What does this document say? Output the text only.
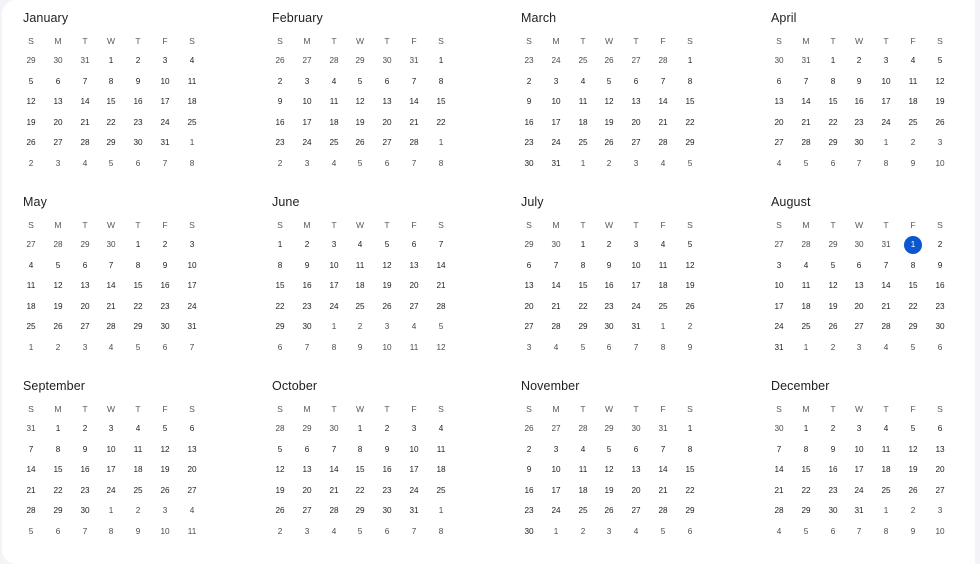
January
S	M	T	W	T	F	S
29	30	31	1	2	3	4
5	6	7	8	9	10	11
12	13	14	15	16	17	18
19	20	21	22	23	24	25
26	27	28	29	30	31	1
2	3	4	5	6	7	8
February
S	M	T	W	T	F	S
26	27	28	29	30	31	1
2	3	4	5	6	7	8
9	10	11	12	13	14	15
16	17	18	19	20	21	22
23	24	25	26	27	28	1
2	3	4	5	6	7	8
March
S	M	T	W	T	F	S
23	24	25	26	27	28	1
2	3	4	5	6	7	8
9	10	11	12	13	14	15
16	17	18	19	20	21	22
23	24	25	26	27	28	29
30	31	1	2	3	4	5
April
S	M	T	W	T	F	S
30	31	1	2	3	4	5
6	7	8	9	10	11	12
13	14	15	16	17	18	19
20	21	22	23	24	25	26
27	28	29	30	1	2	3
4	5	6	7	8	9	10
May
S	M	T	W	T	F	S
27	28	29	30	1	2	3
4	5	6	7	8	9	10
11	12	13	14	15	16	17
18	19	20	21	22	23	24
25	26	27	28	29	30	31
1	2	3	4	5	6	7
June
S	M	T	W	T	F	S
1	2	3	4	5	6	7
8	9	10	11	12	13	14
15	16	17	18	19	20	21
22	23	24	25	26	27	28
29	30	1	2	3	4	5
6	7	8	9	10	11	12
July
S	M	T	W	T	F	S
29	30	1	2	3	4	5
6	7	8	9	10	11	12
13	14	15	16	17	18	19
20	21	22	23	24	25	26
27	28	29	30	31	1	2
3	4	5	6	7	8	9
August
S	M	T	W	T	F	S
27	28	29	30	31	1	2
3	4	5	6	7	8	9
10	11	12	13	14	15	16
17	18	19	20	21	22	23
24	25	26	27	28	29	30
31	1	2	3	4	5	6
September
S	M	T	W	T	F	S
31	1	2	3	4	5	6
7	8	9	10	11	12	13
14	15	16	17	18	19	20
21	22	23	24	25	26	27
28	29	30	1	2	3	4
5	6	7	8	9	10	11
October
S	M	T	W	T	F	S
28	29	30	1	2	3	4
5	6	7	8	9	10	11
12	13	14	15	16	17	18
19	20	21	22	23	24	25
26	27	28	29	30	31	1
2	3	4	5	6	7	8
November
S	M	T	W	T	F	S
26	27	28	29	30	31	1
2	3	4	5	6	7	8
9	10	11	12	13	14	15
16	17	18	19	20	21	22
23	24	25	26	27	28	29
30	1	2	3	4	5	6
December
S	M	T	W	T	F	S
30	1	2	3	4	5	6
7	8	9	10	11	12	13
14	15	16	17	18	19	20
21	22	23	24	25	26	27
28	29	30	31	1	2	3
4	5	6	7	8	9	10
